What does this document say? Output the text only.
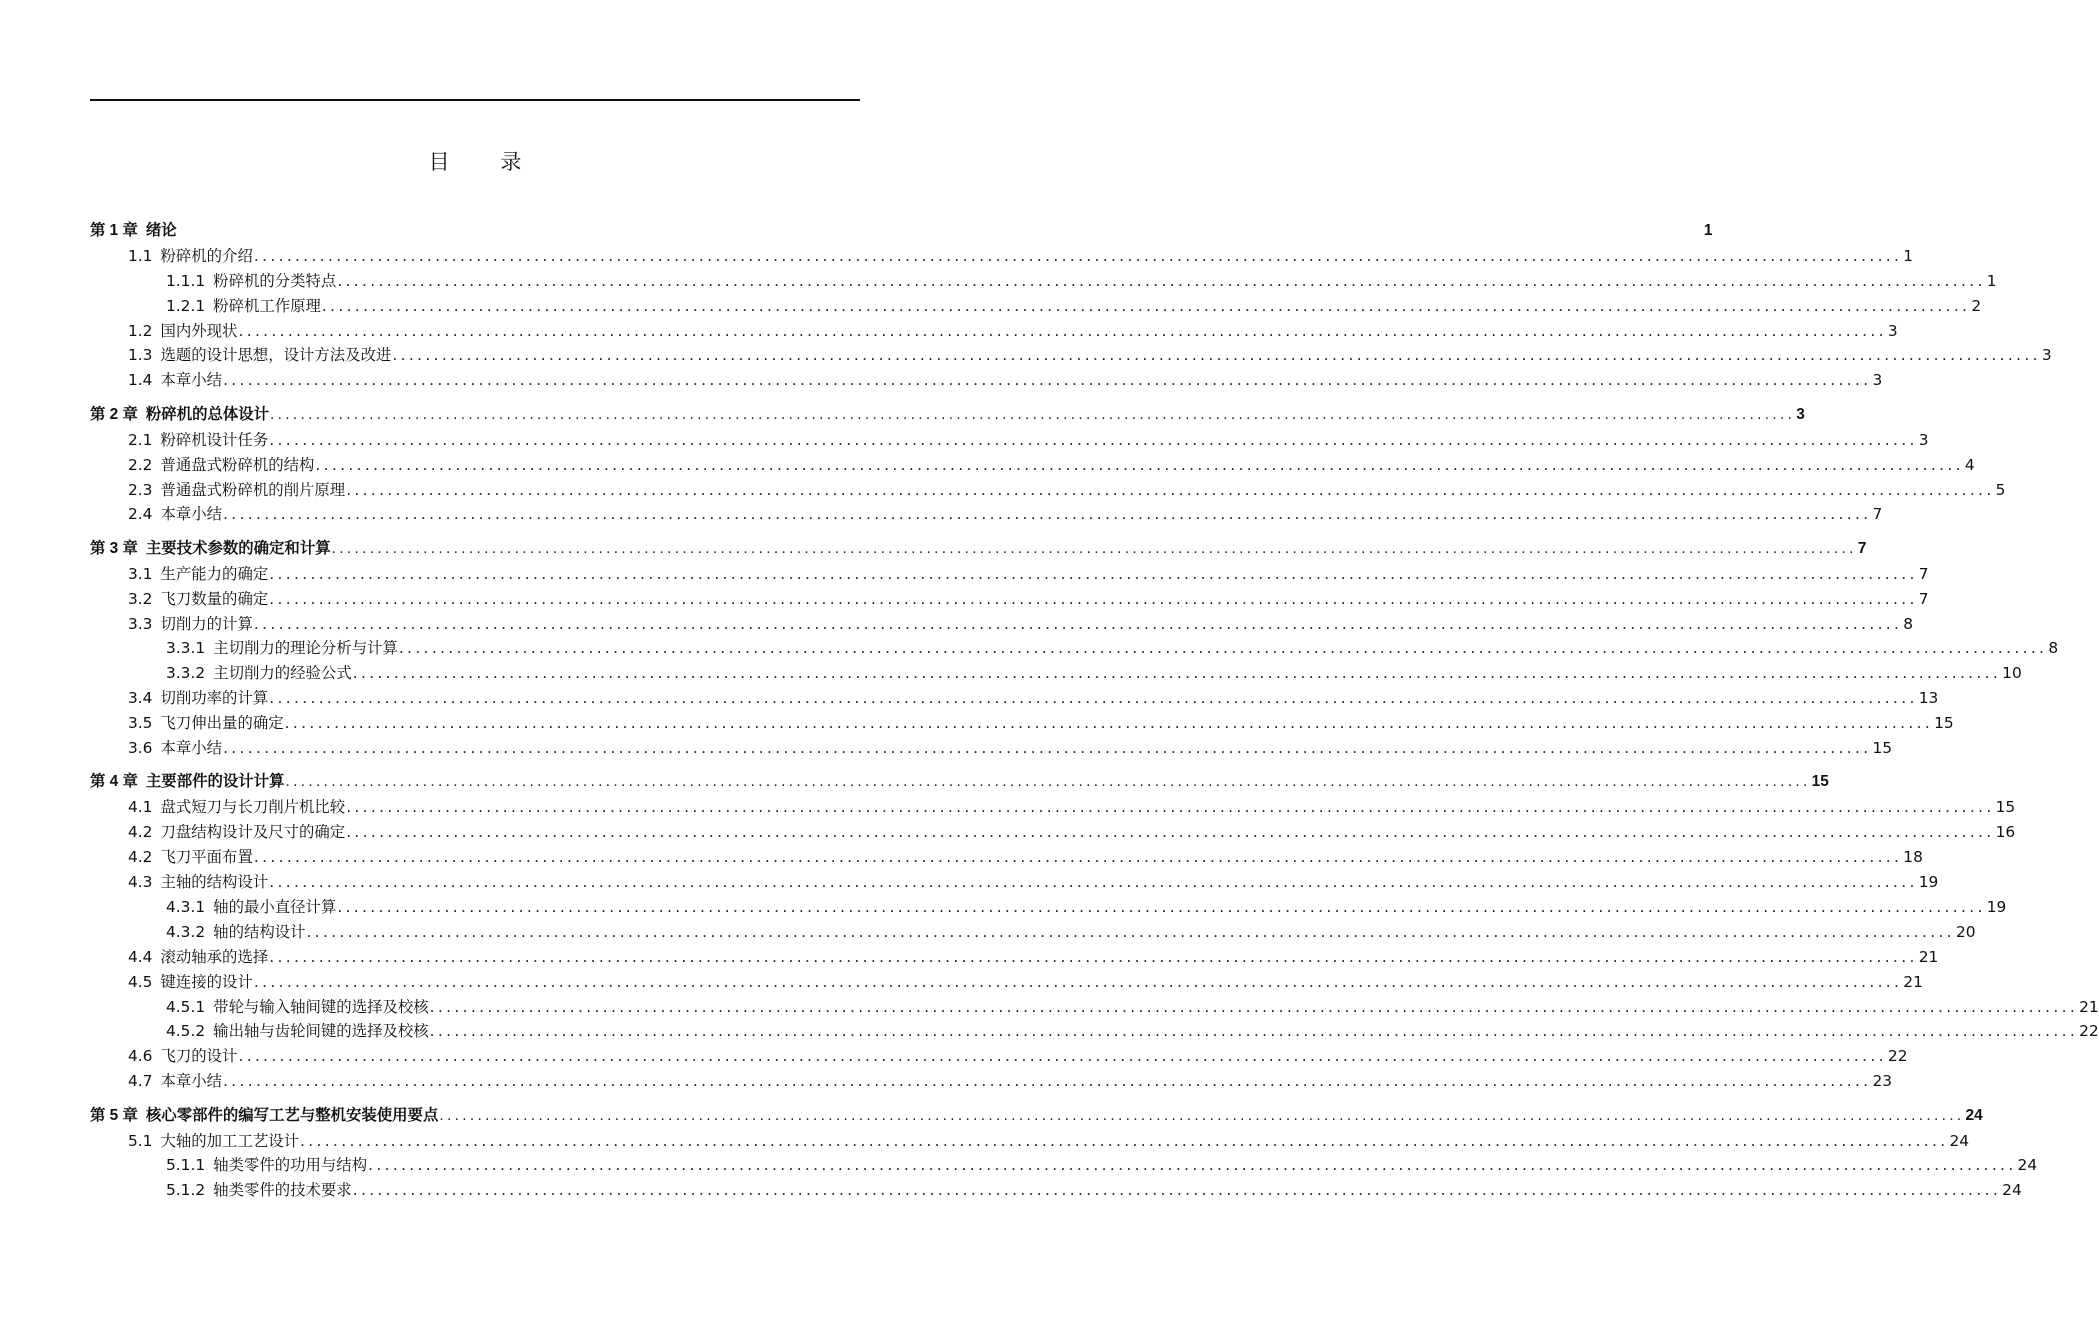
目 录
第 1 章 绪论	1
1.1 粉碎机的介绍 ........................................................................................................................................................................................................ 1
1.1.1 粉碎机的分类特点 ........................................................................................................................................................................................................ 1
1.2.1 粉碎机工作原理 ........................................................................................................................................................................................................ 2
1.2 国内外现状 ........................................................................................................................................................................................................ 3
1.3 选题的设计思想，设计方法及改进 ........................................................................................................................................................................................................ 3
1.4 本章小结 ........................................................................................................................................................................................................ 3
第 2 章 粉碎机的总体设计 ........................................................................................................................................................................................................ 3
2.1 粉碎机设计任务 ........................................................................................................................................................................................................ 3
2.2 普通盘式粉碎机的结构 ........................................................................................................................................................................................................ 4
2.3 普通盘式粉碎机的削片原理 ........................................................................................................................................................................................................ 5
2.4 本章小结 ........................................................................................................................................................................................................ 7
第 3 章 主要技术参数的确定和计算 ........................................................................................................................................................................................................ 7
3.1 生产能力的确定 ........................................................................................................................................................................................................ 7
3.2 飞刀数量的确定 ........................................................................................................................................................................................................ 7
3.3 切削力的计算 ........................................................................................................................................................................................................ 8
3.3.1 主切削力的理论分析与计算 ........................................................................................................................................................................................................ 8
3.3.2 主切削力的经验公式 ........................................................................................................................................................................................................ 10
3.4 切削功率的计算 ........................................................................................................................................................................................................ 13
3.5 飞刀伸出量的确定 ........................................................................................................................................................................................................ 15
3.6 本章小结 ........................................................................................................................................................................................................ 15
第 4 章 主要部件的设计计算 ........................................................................................................................................................................................................ 15
4.1 盘式短刀与长刀削片机比较 ........................................................................................................................................................................................................ 15
4.2 刀盘结构设计及尺寸的确定 ........................................................................................................................................................................................................ 16
4.2 飞刀平面布置 ........................................................................................................................................................................................................ 18
4.3 主轴的结构设计 ........................................................................................................................................................................................................ 19
4.3.1 轴的最小直径计算 ........................................................................................................................................................................................................ 19
4.3.2 轴的结构设计 ........................................................................................................................................................................................................ 20
4.4 滚动轴承的选择 ........................................................................................................................................................................................................ 21
4.5 键连接的设计 ........................................................................................................................................................................................................ 21
4.5.1 带轮与输入轴间键的选择及校核 ........................................................................................................................................................................................................ 21
4.5.2 输出轴与齿轮间键的选择及校核 ........................................................................................................................................................................................................ 22
4.6 飞刀的设计 ........................................................................................................................................................................................................ 22
4.7 本章小结 ........................................................................................................................................................................................................ 23
第 5 章 核心零部件的编写工艺与整机安装使用要点 ........................................................................................................................................................................................................ 24
5.1 大轴的加工工艺设计 ........................................................................................................................................................................................................ 24
5.1.1 轴类零件的功用与结构 ........................................................................................................................................................................................................ 24
5.1.2 轴类零件的技术要求 ........................................................................................................................................................................................................ 24
